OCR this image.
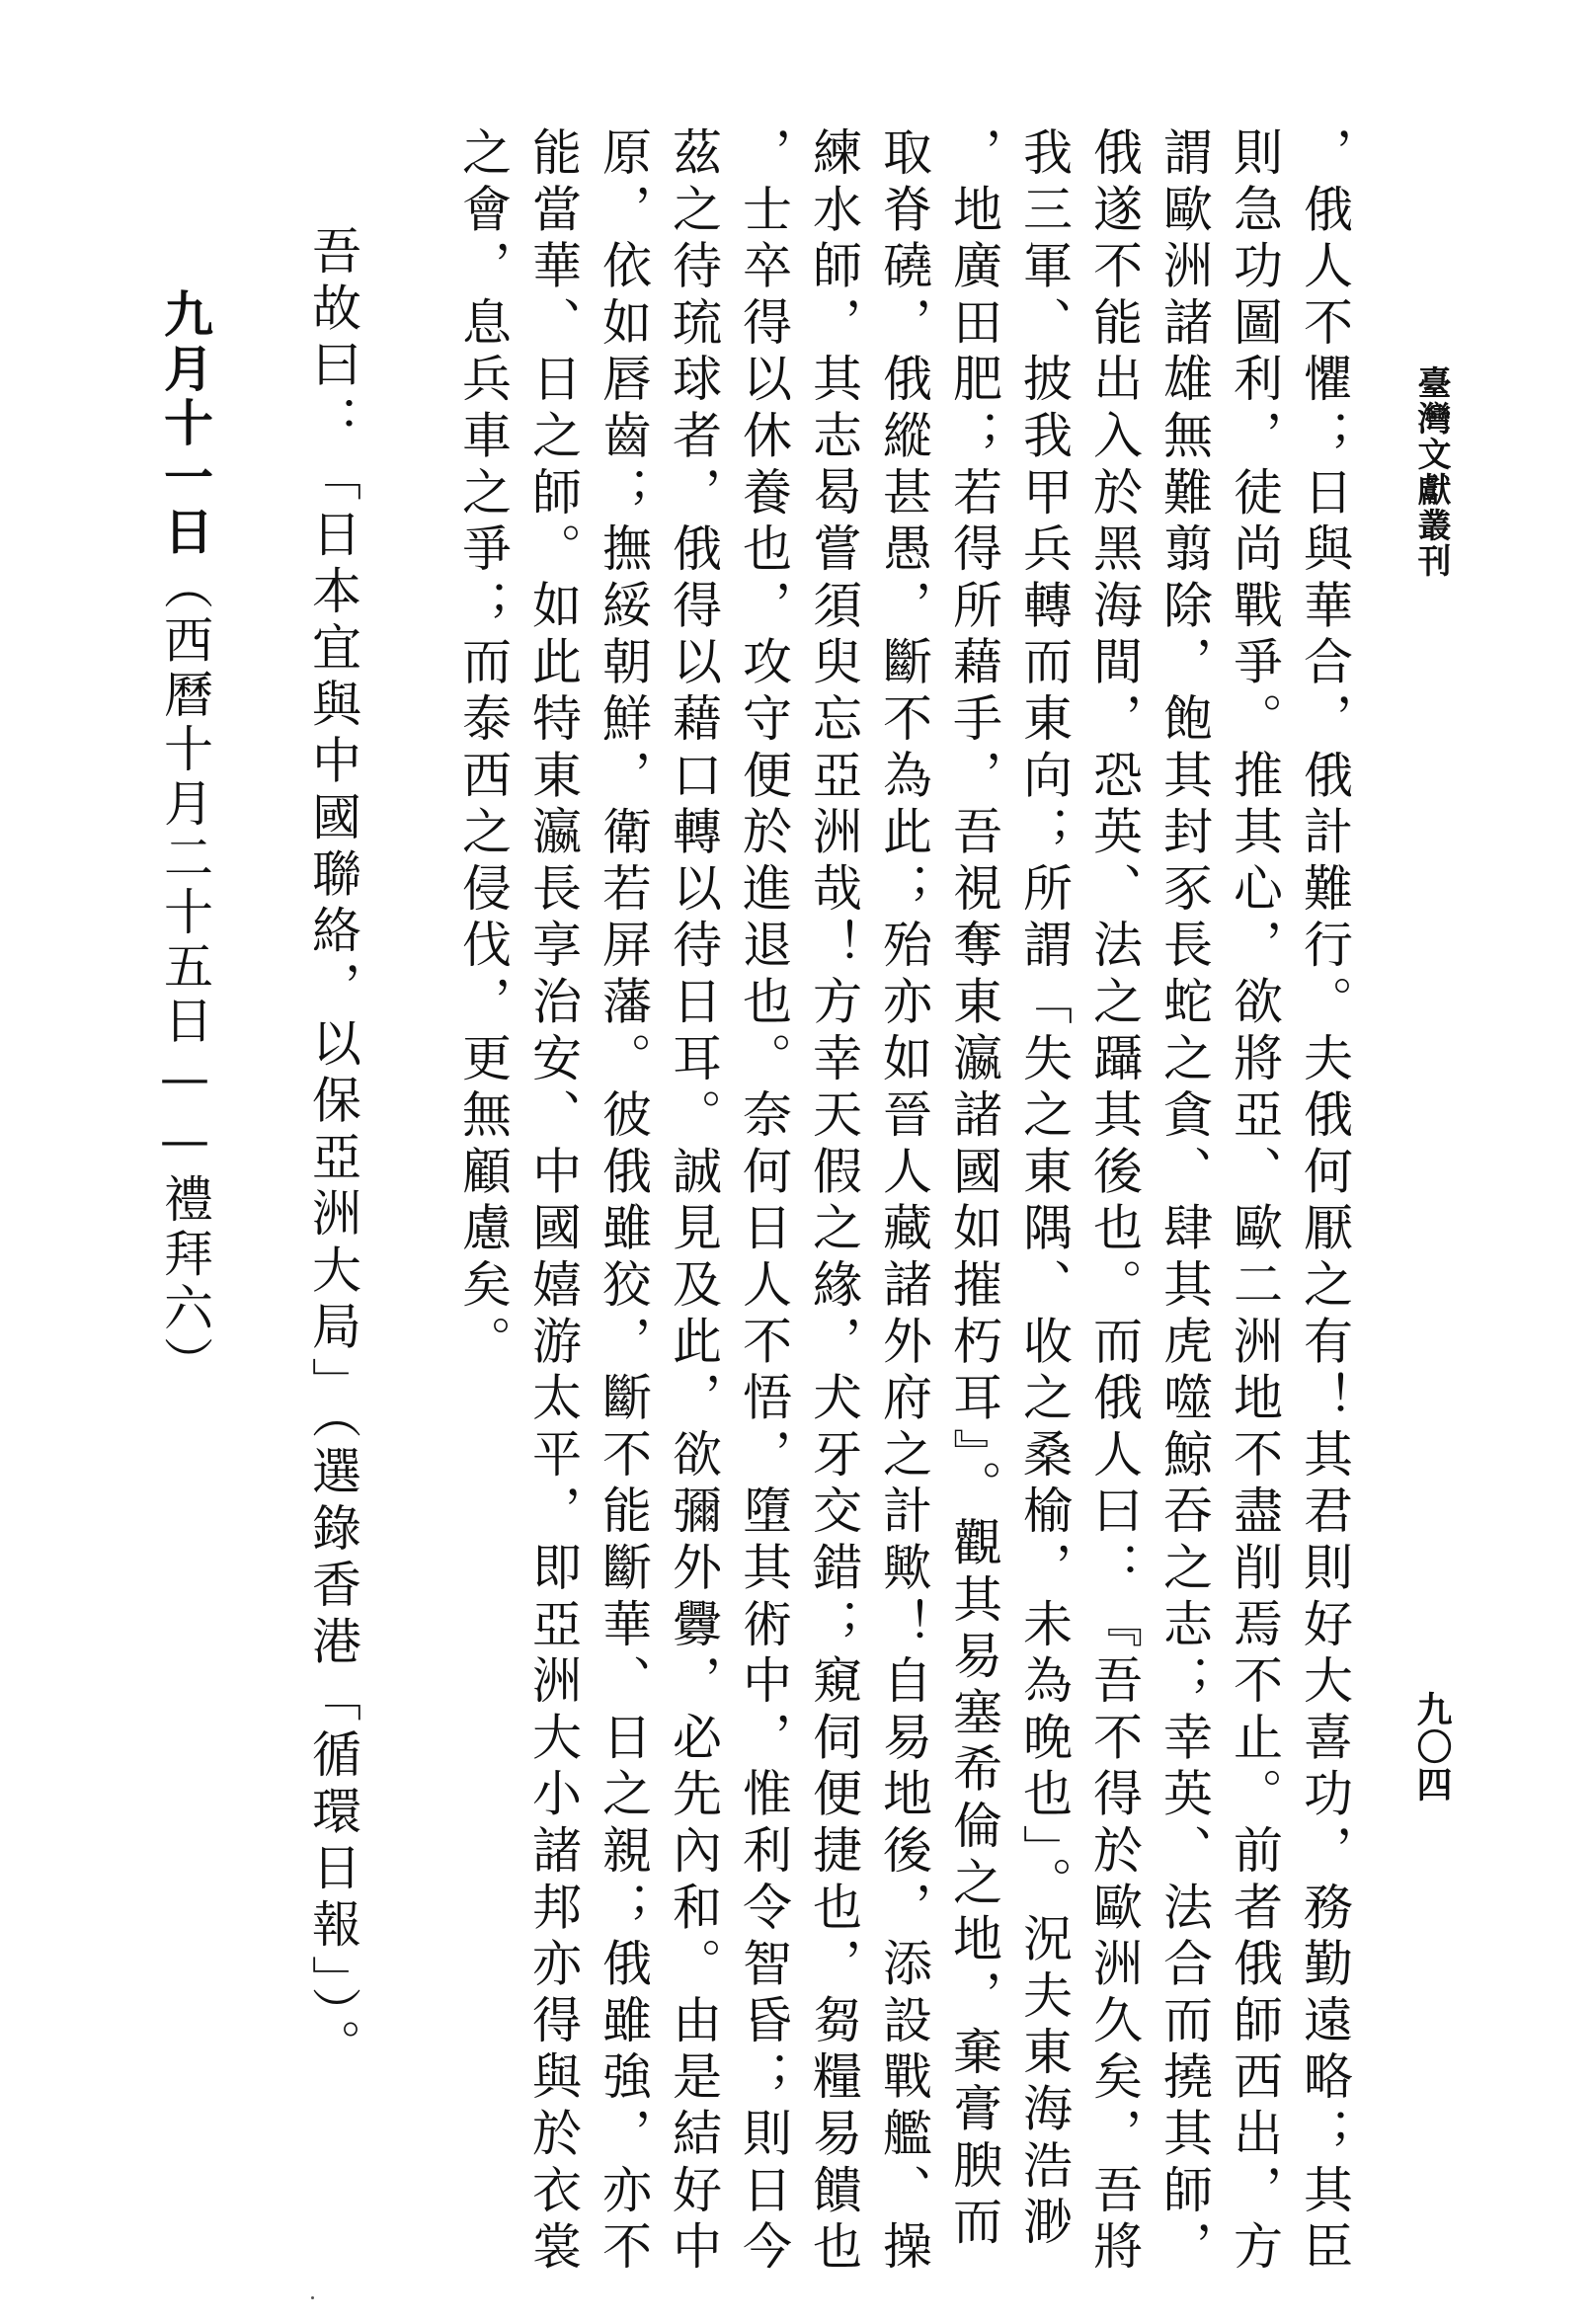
臺灣文獻叢刊
九〇四
，俄人不懼；日與華合，俄計難行。夫俄何厭之有！其君則好大喜功，務勤遠略；其臣
則急功圖利，徒尚戰爭。推其心，欲將亞、歐二洲地不盡削焉不止。前者俄師西出，方
謂歐洲諸雄無難翦除，飽其封豕長蛇之貪、肆其虎噬鯨吞之志；幸英、法合而撓其師，
俄遂不能出入於黑海間，恐英、法之躡其後也。而俄人曰：『吾不得於歐洲久矣，吾將
我三軍、披我甲兵轉而東向；所謂「失之東隅、收之桑榆，未為晚也」。況夫東海浩渺
，地廣田肥；若得所藉手，吾視奪東瀛諸國如摧朽耳』。觀其易塞希倫之地，棄膏腴而
取脊磽，俄縱甚愚，斷不為此；殆亦如晉人藏諸外府之計歟！自易地後，添設戰艦、操
練水師，其志曷嘗須臾忘亞洲哉！方幸天假之緣，犬牙交錯；窺伺便捷也，芻糧易饋也
，士卒得以休養也，攻守便於進退也。奈何日人不悟，墮其術中，惟利令智昏；則日今
茲之待琉球者，俄得以藉口轉以待日耳。誠見及此，欲彌外釁，必先內和。由是結好中
原，依如唇齒；撫綏朝鮮，衛若屏藩。彼俄雖狡，斷不能斷華、日之親；俄雖強，亦不
能當華、日之師。如此特東瀛長享治安、中國嬉游太平，即亞洲大小諸邦亦得與於衣裳
之會，息兵車之爭；而泰西之侵伐，更無顧慮矣。
吾故曰：「日本宜與中國聯絡，以保亞洲大局」（選錄香港「循環日報」）。
九月十一日（西曆十月二十五日——禮拜六）
